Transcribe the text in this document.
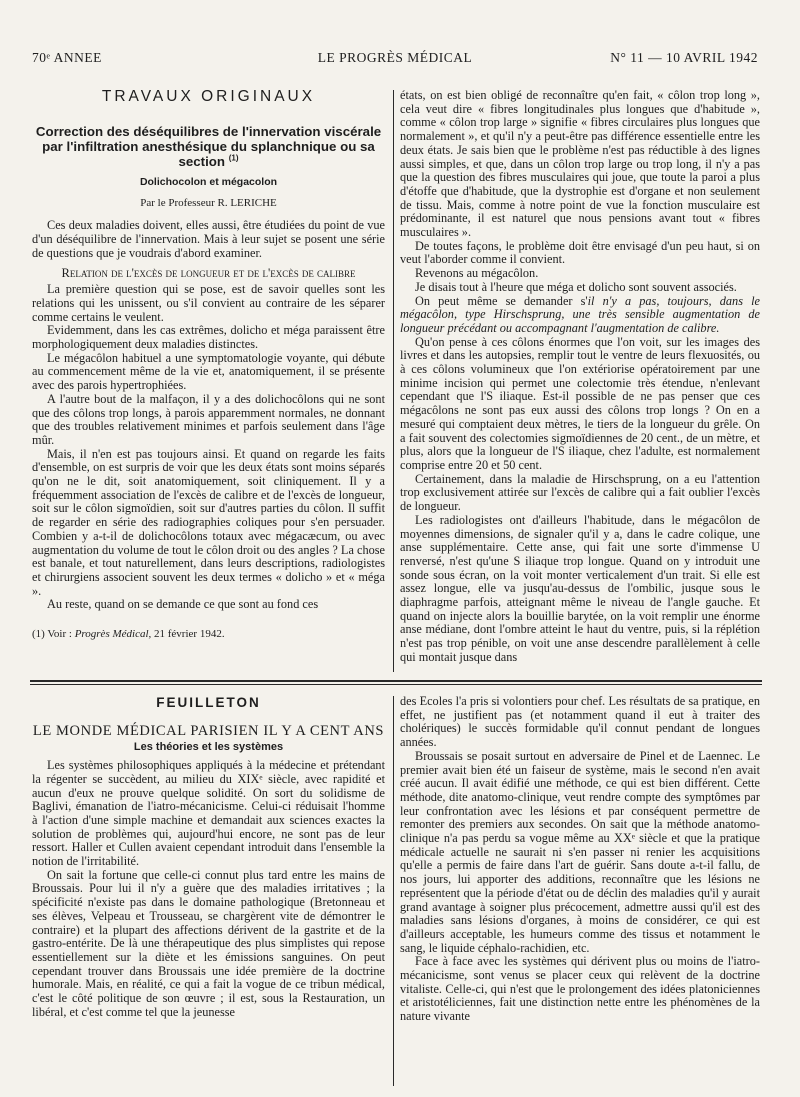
70ᵉ ANNEE	LE PROGRÈS MÉDICAL	N° 11 — 10 AVRIL 1942

TRAVAUX ORIGINAUX

Correction des déséquilibres de l'innervation viscérale par l'infiltration anesthésique du splanchnique ou sa section $^{(1)}$

Dolichocolon et mégacolon

Par le Professeur R. LERICHE

Ces deux maladies doivent, elles aussi, être étudiées du point de vue d'un déséquilibre de l'innervation. Mais à leur sujet se posent une série de questions que je voudrais d'abord examiner.

Relation de l'excès de longueur et de l'excès de calibre

La première question qui se pose, est de savoir quelles sont les relations qui les unissent, ou s'il convient au contraire de les séparer comme certains le veulent.

Evidemment, dans les cas extrêmes, dolicho et méga paraissent être morphologiquement deux maladies distinctes.

Le mégacôlon habituel a une symptomatologie voyante, qui débute au commencement même de la vie et, anatomiquement, il se présente avec des parois hypertrophiées.

A l'autre bout de la malfaçon, il y a des dolichocôlons qui ne sont que des côlons trop longs, à parois apparemment normales, ne donnant que des troubles relativement minimes et parfois seulement dans l'âge mûr.

Mais, il n'en est pas toujours ainsi. Et quand on regarde les faits d'ensemble, on est surpris de voir que les deux états sont moins séparés qu'on ne le dit, soit anatomiquement, soit cliniquement. Il y a fréquemment association de l'excès de calibre et de l'excès de longueur, soit sur le côlon sigmoïdien, soit sur d'autres parties du côlon. Il suffit de regarder en série des radiographies coliques pour s'en persuader. Combien y a-t-il de dolichocôlons totaux avec mégacæcum, ou avec augmentation du volume de tout le côlon droit ou des angles ? La chose est banale, et tout naturellement, dans leurs descriptions, radiologistes et chirurgiens associent souvent les deux termes « dolicho » et « méga ».

Au reste, quand on se demande ce que sont au fond ces

(1) Voir : Progrès Médical, 21 février 1942.

états, on est bien obligé de reconnaître qu'en fait, « côlon trop long », cela veut dire « fibres longitudinales plus longues que d'habitude », comme « côlon trop large » signifie « fibres circulaires plus longues que normalement », et qu'il n'y a peut-être pas différence essentielle entre les deux états. Je sais bien que le problème n'est pas réductible à des lignes aussi simples, et que, dans un côlon trop large ou trop long, il n'y a pas que la question des fibres musculaires qui joue, que toute la paroi a plus d'étoffe que d'habitude, que la dystrophie est d'organe et non seulement de tissu. Mais, comme à notre point de vue la fonction musculaire est prédominante, il est naturel que nous pensions avant tout « fibres musculaires ».

De toutes façons, le problème doit être envisagé d'un peu haut, si on veut l'aborder comme il convient.

Revenons au mégacôlon.

Je disais tout à l'heure que méga et dolicho sont souvent associés.

On peut même se demander s'il n'y a pas, toujours, dans le mégacôlon, type Hirschsprung, une très sensible augmentation de longueur précédant ou accompagnant l'augmentation de calibre.

Qu'on pense à ces côlons énormes que l'on voit, sur les images des livres et dans les autopsies, remplir tout le ventre de leurs flexuosités, ou à ces côlons volumineux que l'on extériorise opératoirement par une minime incision qui permet une colectomie très étendue, n'enlevant cependant que l'S iliaque. Est-il possible de ne pas penser que ces mégacôlons ne sont pas eux aussi des côlons trop longs ? On en a mesuré qui comptaient deux mètres, le tiers de la longueur du grêle. On a fait souvent des colectomies sigmoïdiennes de 20 cent., de un mètre, et plus, alors que la longueur de l'S iliaque, chez l'adulte, est normalement comprise entre 20 et 50 cent.

Certainement, dans la maladie de Hirschsprung, on a eu l'attention trop exclusivement attirée sur l'excès de calibre qui a fait oublier l'excès de longueur.

Les radiologistes ont d'ailleurs l'habitude, dans le mégacôlon de moyennes dimensions, de signaler qu'il y a, dans le cadre colique, une anse supplémentaire. Cette anse, qui fait une sorte d'immense U renversé, n'est qu'une S iliaque trop longue. Quand on y introduit une sonde sous écran, on la voit monter verticalement d'un trait. Si elle est assez longue, elle va jusqu'au-dessus de l'ombilic, jusque sous le diaphragme parfois, atteignant même le niveau de l'angle gauche. Et quand on injecte alors la bouillie barytée, on la voit remplir une énorme anse médiane, dont l'ombre atteint le haut du ventre, puis, si la réplétion n'est pas trop pénible, on voit une anse descendre parallèlement à celle qui montait jusque dans

FEUILLETON

LE MONDE MÉDICAL PARISIEN IL Y A CENT ANS

Les théories et les systèmes

Les systèmes philosophiques appliqués à la médecine et prétendant la régenter se succèdent, au milieu du XIXᵉ siècle, avec rapidité et aucun d'eux ne prouve quelque solidité. On sort du solidisme de Baglivi, émanation de l'iatro-mécanicisme. Celui-ci réduisait l'homme à l'action d'une simple machine et demandait aux sciences exactes la solution de problèmes qui, aujourd'hui encore, ne sont pas de leur ressort. Haller et Cullen avaient cependant introduit dans l'ensemble la notion de l'irritabilité.

On sait la fortune que celle-ci connut plus tard entre les mains de Broussais. Pour lui il n'y a guère que des maladies irritatives ; la spécificité n'existe pas dans le domaine pathologique (Bretonneau et ses élèves, Velpeau et Trousseau, se chargèrent vite de démontrer le contraire) et la plupart des affections dérivent de la gastrite et de la gastro-entérite. De là une thérapeutique des plus simplistes qui repose essentiellement sur la diète et les émissions sanguines. On peut cependant trouver dans Broussais une idée première de la doctrine humorale. Mais, en réalité, ce qui a fait la vogue de ce tribun médical, c'est le côté politique de son œuvre ; il est, sous la Restauration, un libéral, et c'est comme tel que la jeunesse

des Ecoles l'a pris si volontiers pour chef. Les résultats de sa pratique, en effet, ne justifient pas (et notamment quand il eut à traiter des cholériques) le succès formidable qu'il connut pendant de longues années.

Broussais se posait surtout en adversaire de Pinel et de Laennec. Le premier avait bien été un faiseur de système, mais le second n'en avait créé aucun. Il avait édifié une méthode, ce qui est bien différent. Cette méthode, dite anatomo-clinique, veut rendre compte des symptômes par leur confrontation avec les lésions et par conséquent permettre de remonter des premiers aux secondes. On sait que la méthode anatomo-clinique n'a pas perdu sa vogue même au XXᵉ siècle et que la pratique médicale actuelle ne saurait ni s'en passer ni renier les acquisitions qu'elle a permis de faire dans l'art de guérir. Sans doute a-t-il fallu, de nos jours, lui apporter des additions, reconnaître que les lésions ne représentent que la période d'état ou de déclin des maladies qu'il y aurait grand avantage à soigner plus précocement, admettre aussi qu'il est des maladies sans lésions d'organes, à moins de considérer, ce qui est d'ailleurs acceptable, les humeurs comme des tissus et notamment le sang, le liquide céphalo-rachidien, etc.

Face à face avec les systèmes qui dérivent plus ou moins de l'iatro-mécanicisme, sont venus se placer ceux qui relèvent de la doctrine vitaliste. Celle-ci, qui n'est que le prolongement des idées platoniciennes et aristotéliciennes, fait une distinction nette entre les phénomènes de la nature vivante
